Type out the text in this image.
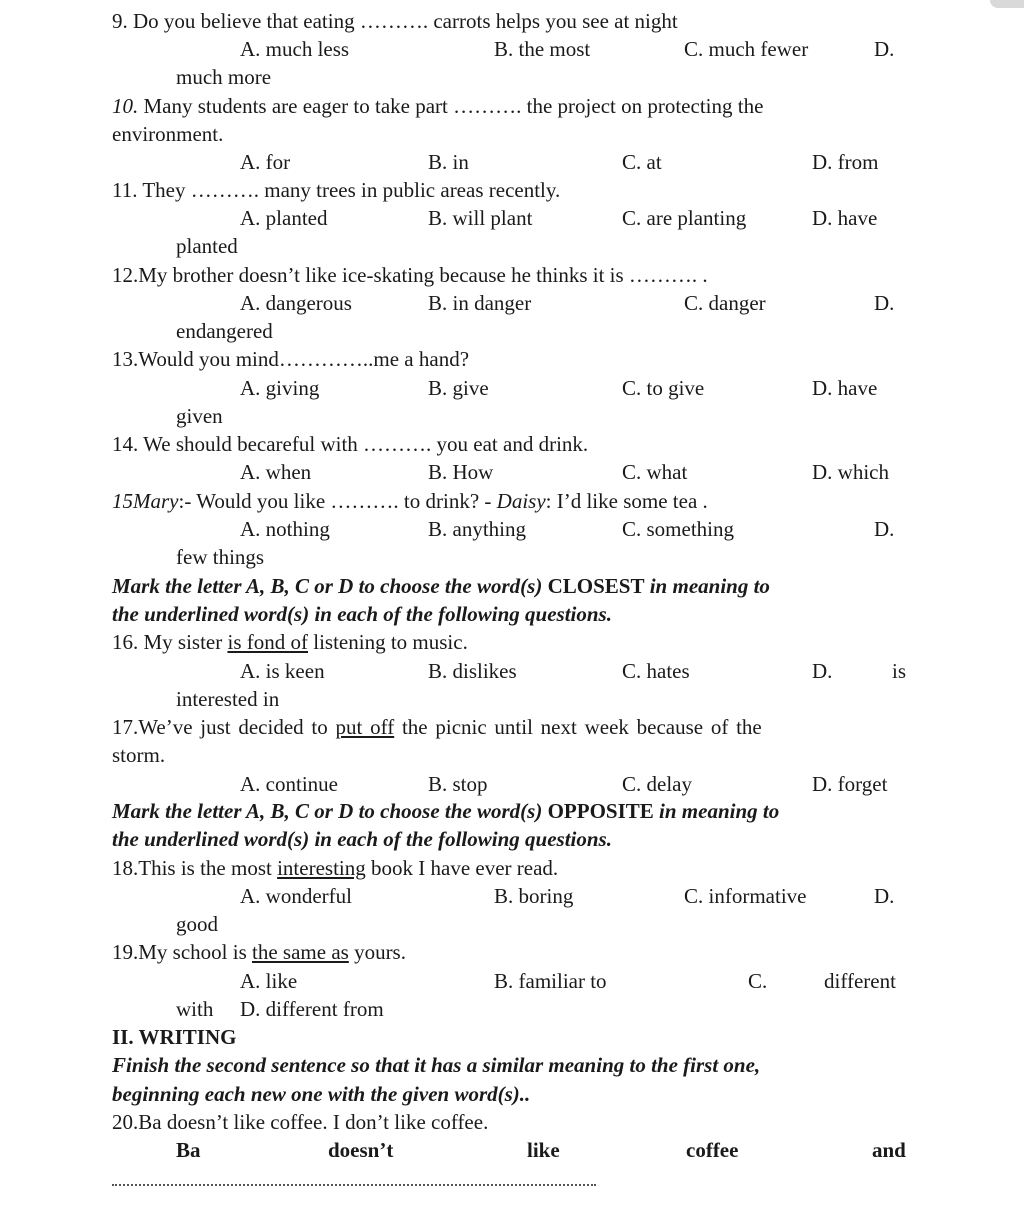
9. Do you believe that eating ………. carrots helps you see at night
A. much less	B. the most	C. much fewer	D.
much more
10. Many students are eager to take part ………. the project on protecting the
environment.
A. for	B. in	C. at	D. from
11. They ………. many trees in public areas recently.
A. planted	B. will plant	C. are planting	D. have
planted
12.My brother doesn’t like ice-skating because he thinks it is ………. .
A. dangerous	B. in danger	C. danger	D.
endangered
13.Would you mind…………..me a hand?
A. giving	B. give	C. to give	D. have
given
14. We should becareful with ………. you eat and drink.
A. when	B. How	C. what	D. which
15Mary:- Would you like ………. to drink? - Daisy: I’d like some tea .
A. nothing	B. anything	C. something	D.
few things
Mark the letter A, B, C or D to choose the word(s) CLOSEST in meaning to
the underlined word(s) in each of the following questions.
16. My sister is fond of listening to music.
A. is keen	B. dislikes	C. hates	D.	is
interested in
17.We’ve just decided to put off the picnic until next week because of the
storm.
A. continue	B. stop	C. delay	D. forget
Mark the letter A, B, C or D to choose the word(s) OPPOSITE in meaning to
the underlined word(s) in each of the following questions.
18.This is the most interesting book I have ever read.
A. wonderful	B. boring	C. informative	D.
good
19.My school is the same as yours.
A. like	B. familiar to	C.	different
with D. different from
II. WRITING
Finish the second sentence so that it has a similar meaning to the first one,
beginning each new one with the given word(s)..
20.Ba doesn’t like coffee. I don’t like coffee.
Ba	doesn’t	like	coffee	and
